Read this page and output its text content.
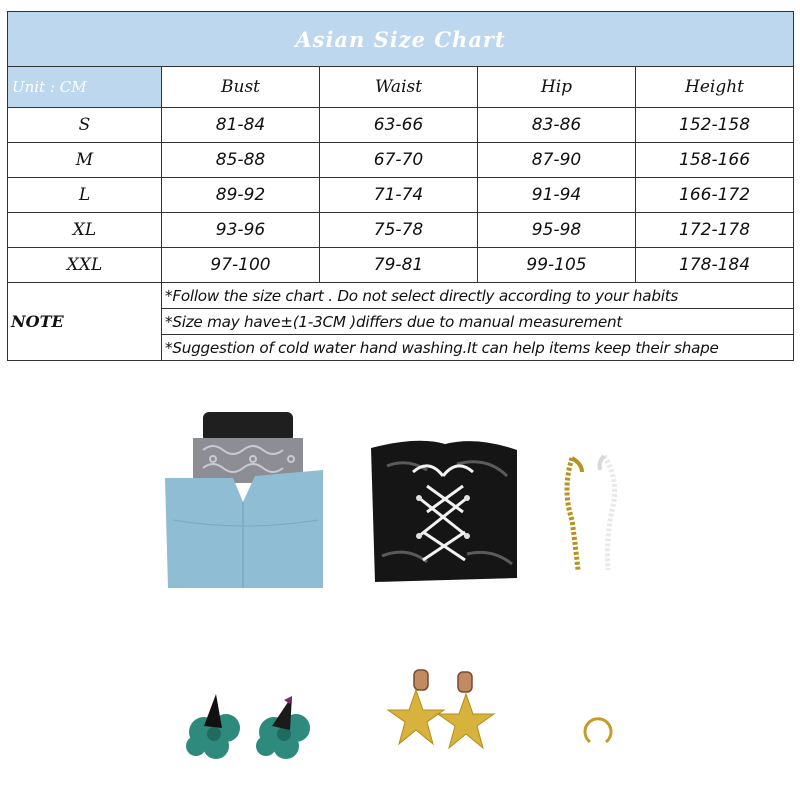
Asian Size Chart				
Unit : CM	Bust	Waist	Hip	Height
S	81-84	63-66	83-86	152-158
M	85-88	67-70	87-90	158-166
L	89-92	71-74	91-94	166-172
XL	93-96	75-78	95-98	172-178
XXL	97-100	79-81	99-105	178-184
NOTE	*Follow the size chart . Do not select directly according to your habits			
	*Size may have±(1-3CM )differs due to manual measurement			
	*Suggestion of cold water hand washing.It can help items keep their shape			
